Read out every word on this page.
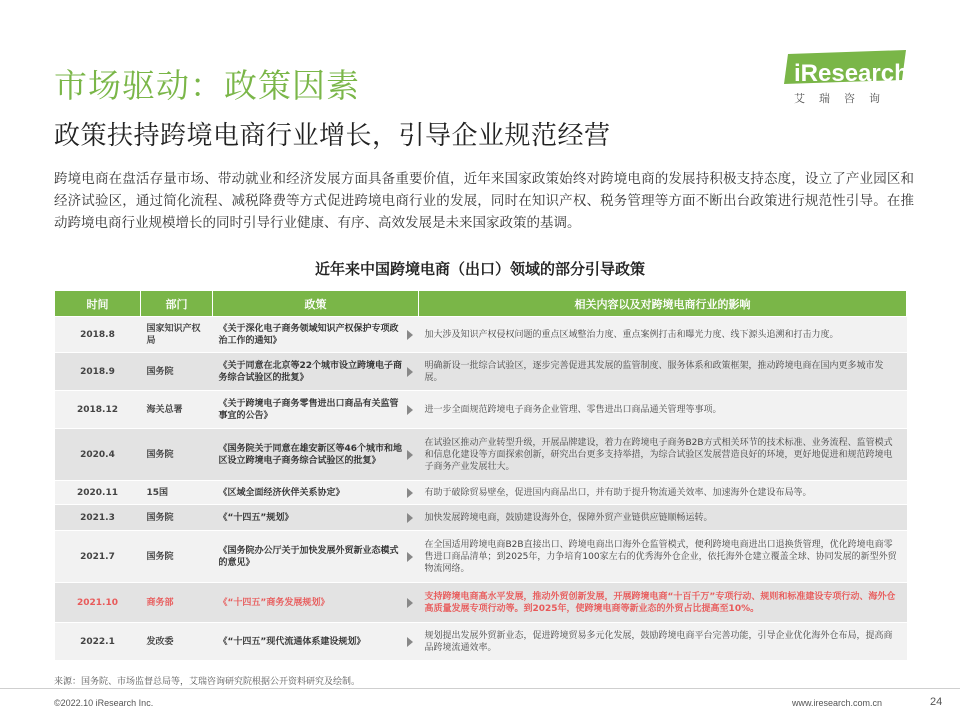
市场驱动：政策因素
政策扶持跨境电商行业增长，引导企业规范经营
iResearch
艾瑞咨询

跨境电商在盘活存量市场、带动就业和经济发展方面具备重要价值，近年来国家政策始终对跨境电商的发展持积极支持态度，设立了产业园区和经济试验区，通过简化流程、减税降费等方式促进跨境电商行业的发展，同时在知识产权、税务管理等方面不断出台政策进行规范性引导。在推动跨境电商行业规模增长的同时引导行业健康、有序、高效发展是未来国家政策的基调。

近年来中国跨境电商（出口）领域的部分引导政策
时间	部门	政策	相关内容以及对跨境电商行业的影响
2018.8	国家知识产权局	《关于深化电子商务领域知识产权保护专项政治工作的通知》	加大涉及知识产权侵权问题的重点区域整治力度、重点案例打击和曝光力度、线下源头追溯和打击力度。
2018.9	国务院	《关于同意在北京等22个城市设立跨境电子商务综合试验区的批复》	明确新设一批综合试验区，逐步完善促进其发展的监管制度、服务体系和政策框架，推动跨境电商在国内更多城市发展。
2018.12	海关总署	《关于跨境电子商务零售进出口商品有关监管事宜的公告》	进一步全面规范跨境电子商务企业管理、零售进出口商品通关管理等事项。
2020.4	国务院	《国务院关于同意在雄安新区等46个城市和地区设立跨境电子商务综合试验区的批复》	在试验区推动产业转型升级，开展品牌建设，着力在跨境电子商务B2B方式相关环节的技术标准、业务流程、监管模式和信息化建设等方面探索创新，研究出台更多支持举措，为综合试验区发展营造良好的环境，更好地促进和规范跨境电子商务产业发展壮大。
2020.11	15国	《区域全面经济伙伴关系协定》	有助于破除贸易壁垒，促进国内商品出口，并有助于提升物流通关效率、加速海外仓建设布局等。
2021.3	国务院	《“十四五”规划》	加快发展跨境电商，鼓励建设海外仓，保障外贸产业链供应链顺畅运转。
2021.7	国务院	《国务院办公厅关于加快发展外贸新业态模式的意见》	在全国适用跨境电商B2B直接出口、跨境电商出口海外仓监管模式，便利跨境电商进出口退换货管理，优化跨境电商零售进口商品清单；到2025年，力争培育100家左右的优秀海外仓企业，依托海外仓建立覆盖全球、协同发展的新型外贸物流网络。
2021.10	商务部	《“十四五”商务发展规划》	支持跨境电商高水平发展，推动外贸创新发展，开展跨境电商“十百千万”专项行动、规则和标准建设专项行动、海外仓高质量发展专项行动等。到2025年，使跨境电商等新业态的外贸占比提高至10%。
2022.1	发改委	《“十四五”现代流通体系建设规划》	规划提出发展外贸新业态，促进跨境贸易多元化发展，鼓励跨境电商平台完善功能，引导企业优化海外仓布局，提高商品跨境流通效率。
来源：国务院、市场监督总局等，艾瑞咨询研究院根据公开资料研究及绘制。
©2022.10 iResearch Inc.	www.iresearch.com.cn	24
